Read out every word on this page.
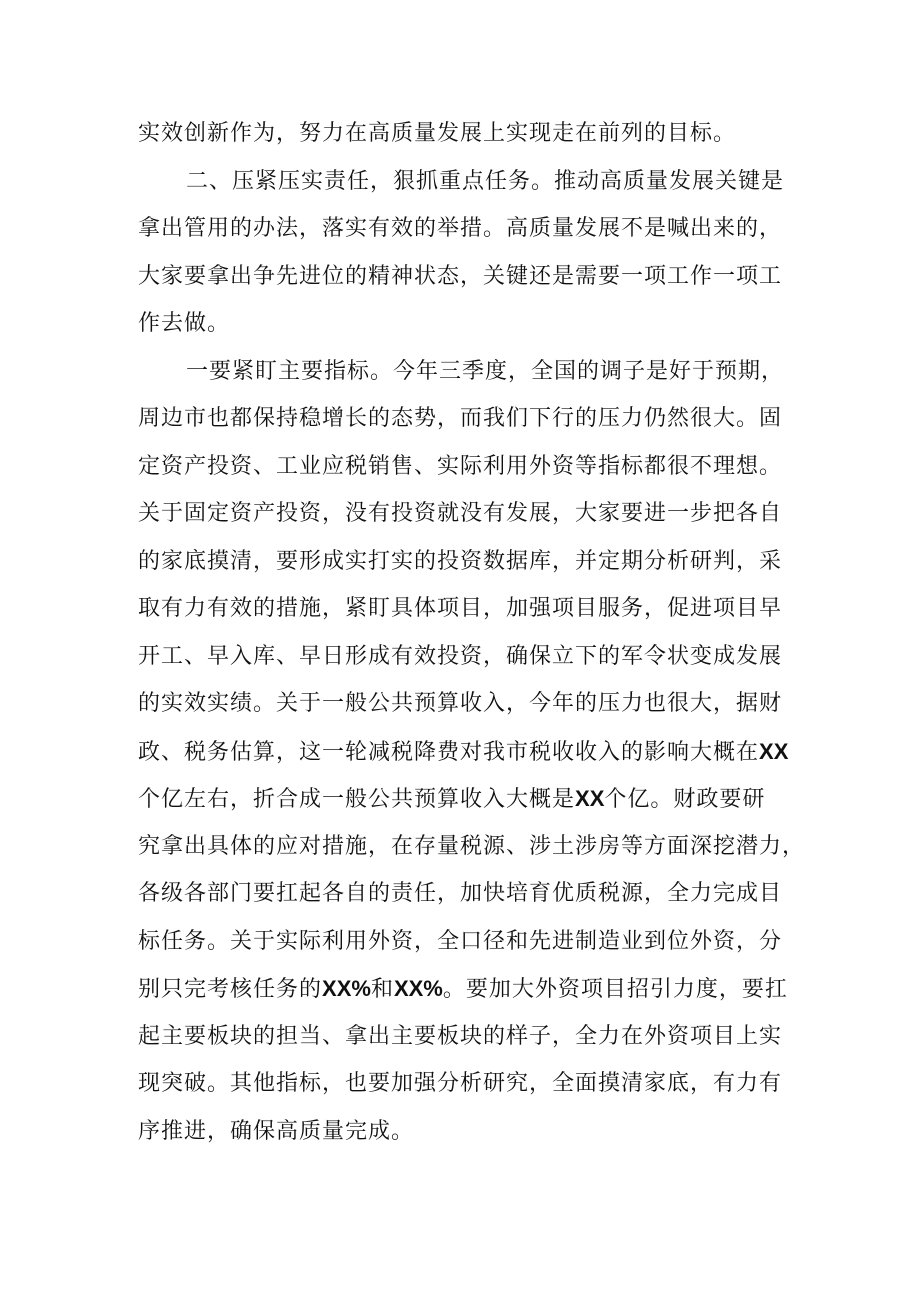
实效创新作为，努力在高质量发展上实现走在前列的目标。
二、压紧压实责任，狠抓重点任务。推动高质量发展关键是
拿出管用的办法，落实有效的举措。高质量发展不是喊出来的，
大家要拿出争先进位的精神状态，关键还是需要一项工作一项工
作去做。
一要紧盯主要指标。今年三季度，全国的调子是好于预期，
周边市也都保持稳增长的态势，而我们下行的压力仍然很大。固
定资产投资、工业应税销售、实际利用外资等指标都很不理想。
关于固定资产投资，没有投资就没有发展，大家要进一步把各自
的家底摸清，要形成实打实的投资数据库，并定期分析研判，采
取有力有效的措施，紧盯具体项目，加强项目服务，促进项目早
开工、早入库、早日形成有效投资，确保立下的军令状变成发展
的实效实绩。关于一般公共预算收入，今年的压力也很大，据财
政、税务估算，这一轮减税降费对我市税收收入的影响大概在XX
个亿左右，折合成一般公共预算收入大概是XX个亿。财政要研
究拿出具体的应对措施，在存量税源、涉土涉房等方面深挖潜力，
各级各部门要扛起各自的责任，加快培育优质税源，全力完成目
标任务。关于实际利用外资，全口径和先进制造业到位外资，分
别只完考核任务的XX%和XX%。要加大外资项目招引力度，要扛
起主要板块的担当、拿出主要板块的样子，全力在外资项目上实
现突破。其他指标，也要加强分析研究，全面摸清家底，有力有
序推进，确保高质量完成。
